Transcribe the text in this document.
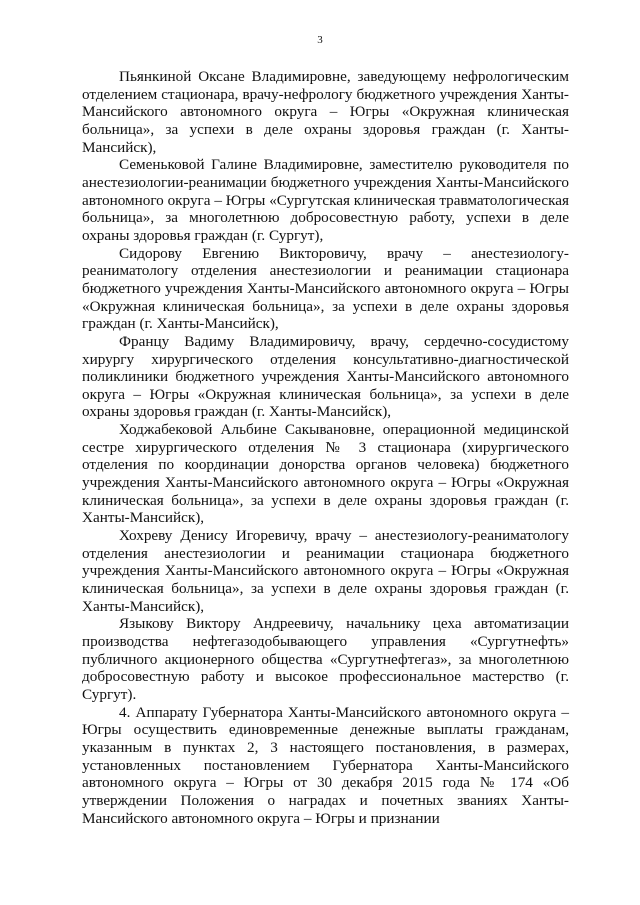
3

Пьянкиной Оксане Владимировне, заведующему нефрологическим отделением стационара, врачу-нефрологу бюджетного учреждения Ханты-Мансийского автономного округа – Югры «Окружная клиническая больница», за успехи в деле охраны здоровья граждан (г. Ханты-Мансийск),

Семеньковой Галине Владимировне, заместителю руководителя по анестезиологии-реанимации бюджетного учреждения Ханты-Мансийского автономного округа – Югры «Сургутская клиническая травматологическая больница», за многолетнюю добросовестную работу, успехи в деле охраны здоровья граждан (г. Сургут),

Сидорову Евгению Викторовичу, врачу – анестезиологу-реаниматологу отделения анестезиологии и реанимации стационара бюджетного учреждения Ханты-Мансийского автономного округа – Югры «Окружная клиническая больница», за успехи в деле охраны здоровья граждан (г. Ханты-Мансийск),

Францу Вадиму Владимировичу, врачу, сердечно-сосудистому хирургу хирургического отделения консультативно-диагностической поликлиники бюджетного учреждения Ханты-Мансийского автономного округа – Югры «Окружная клиническая больница», за успехи в деле охраны здоровья граждан (г. Ханты-Мансийск),

Ходжабековой Альбине Сакывановне, операционной медицинской сестре хирургического отделения № 3 стационара (хирургического отделения по координации донорства органов человека) бюджетного учреждения Ханты-Мансийского автономного округа – Югры «Окружная клиническая больница», за успехи в деле охраны здоровья граждан (г. Ханты-Мансийск),

Хохреву Денису Игоревичу, врачу – анестезиологу-реаниматологу отделения анестезиологии и реанимации стационара бюджетного учреждения Ханты-Мансийского автономного округа – Югры «Окружная клиническая больница», за успехи в деле охраны здоровья граждан (г. Ханты-Мансийск),

Языкову Виктору Андреевичу, начальнику цеха автоматизации производства нефтегазодобывающего управления «Сургутнефть» публичного акционерного общества «Сургутнефтегаз», за многолетнюю добросовестную работу и высокое профессиональное мастерство (г. Сургут).

4. Аппарату Губернатора Ханты-Мансийского автономного округа – Югры осуществить единовременные денежные выплаты гражданам, указанным в пунктах 2, 3 настоящего постановления, в размерах, установленных постановлением Губернатора Ханты-Мансийского автономного округа – Югры от 30 декабря 2015 года № 174 «Об утверждении Положения о наградах и почетных званиях Ханты-Мансийского автономного округа – Югры и признании
